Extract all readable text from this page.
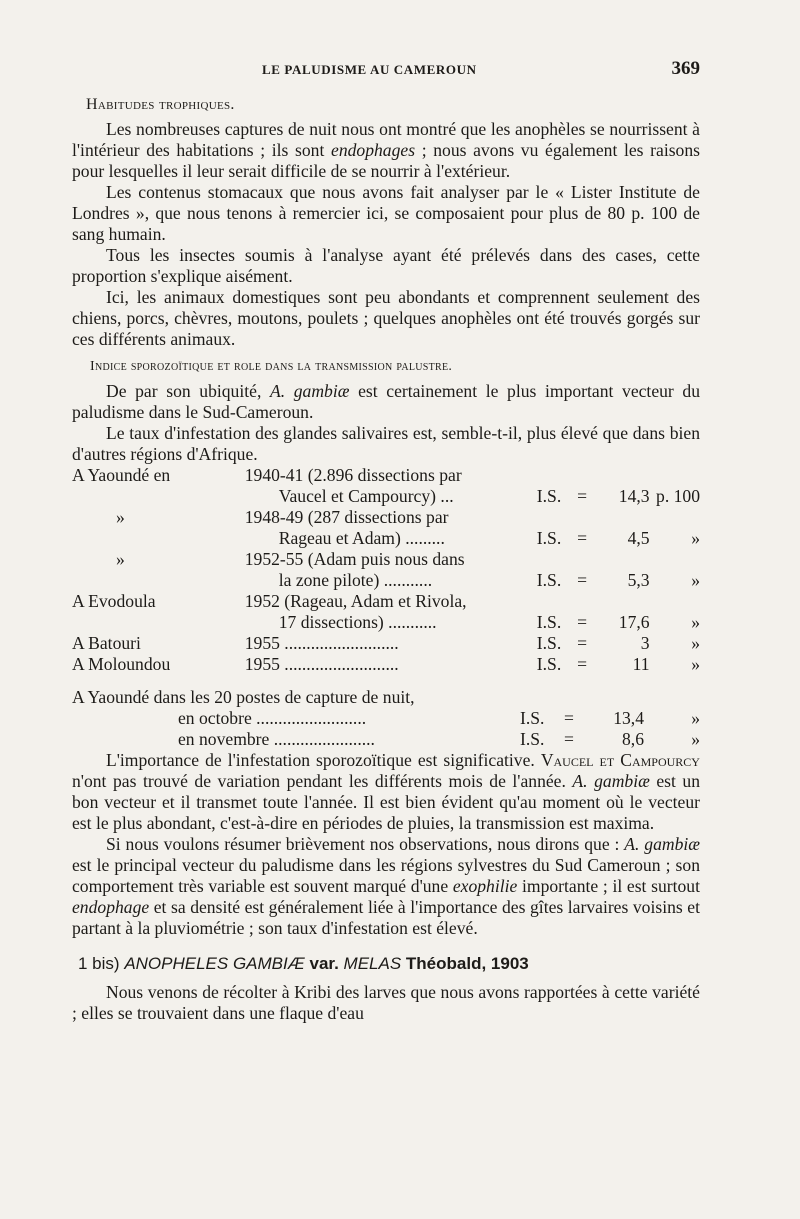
LE PALUDISME AU CAMEROUN	369
Habitudes trophiques.

Les nombreuses captures de nuit nous ont montré que les anophèles se nourrissent à l'intérieur des habitations ; ils sont endophages ; nous avons vu également les raisons pour lesquelles il leur serait difficile de se nourrir à l'extérieur.

Les contenus stomacaux que nous avons fait analyser par le « Lister Institute de Londres », que nous tenons à remercier ici, se composaient pour plus de 80 p. 100 de sang humain.

Tous les insectes soumis à l'analyse ayant été prélevés dans des cases, cette proportion s'explique aisément.

Ici, les animaux domestiques sont peu abondants et comprennent seulement des chiens, porcs, chèvres, moutons, poulets ; quelques anophèles ont été trouvés gorgés sur ces différents animaux.

Indice sporozoïtique et role dans la transmission palustre.

De par son ubiquité, A. gambiæ est certainement le plus important vecteur du paludisme dans le Sud-Cameroun.

Le taux d'infestation des glandes salivaires est, semble-t-il, plus élevé que dans bien d'autres régions d'Afrique.

A Yaoundé en	1940-41 (2.896 dissections par				
	Vaucel et Campourcy) ...	I.S.	=	14,3	p. 100
»	1948-49 (287 dissections par				
	Rageau et Adam) .........	I.S.	=	4,5	»
»	1952-55 (Adam puis nous dans				
	la zone pilote) ...........	I.S.	=	5,3	»
A Evodoula	1952 (Rageau, Adam et Rivola,				
	17 dissections) ...........	I.S.	=	17,6	»
A Batouri	1955 ..........................	I.S.	=	3	»
A Moloundou	1955 ..........................	I.S.	=	11	»

A Yaoundé dans les 20 postes de capture de nuit,

en octobre .........................	I.S.	=	13,4	»
en novembre .......................	I.S.	=	8,6	»

L'importance de l'infestation sporozoïtique est significative. Vaucel et Campourcy n'ont pas trouvé de variation pendant les différents mois de l'année. A. gambiæ est un bon vecteur et il transmet toute l'année. Il est bien évident qu'au moment où le vecteur est le plus abondant, c'est-à-dire en périodes de pluies, la transmission est maxima.

Si nous voulons résumer brièvement nos observations, nous dirons que : A. gambiæ est le principal vecteur du paludisme dans les régions sylvestres du Sud Cameroun ; son comportement très variable est souvent marqué d'une exophilie importante ; il est surtout endophage et sa densité est généralement liée à l'importance des gîtes larvaires voisins et partant à la pluviométrie ; son taux d'infestation est élevé.

1 bis) ANOPHELES GAMBIÆ var. MELAS Théobald, 1903

Nous venons de récolter à Kribi des larves que nous avons rapportées à cette variété ; elles se trouvaient dans une flaque d'eau
